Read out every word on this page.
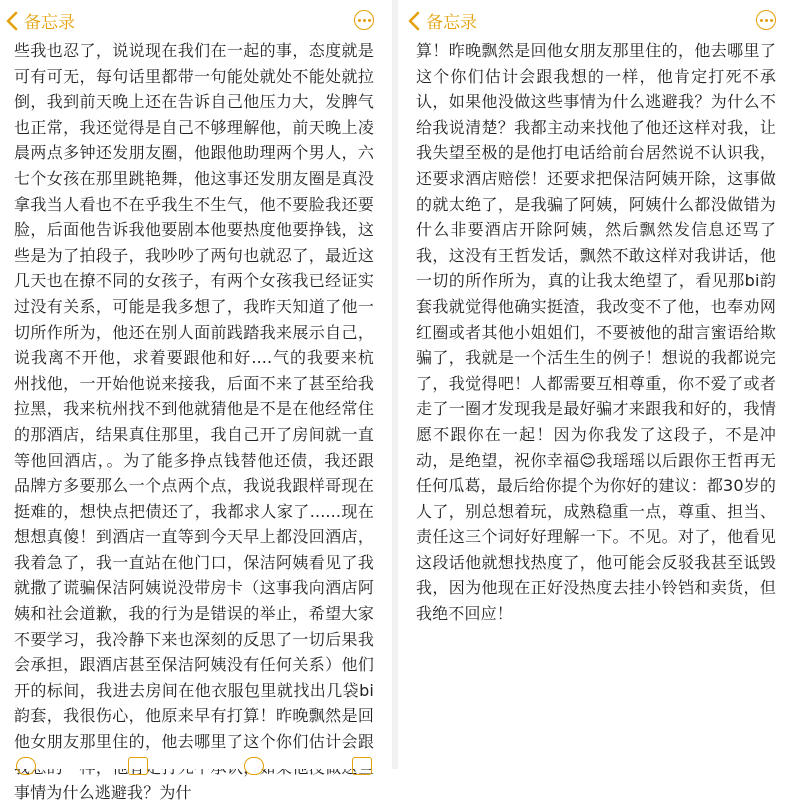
备忘录
些我也忍了，说说现在我们在一起的事，态度就是可有可无，每句话里都带一句能处就处不能处就拉倒，我到前天晚上还在告诉自己他压力大，发脾气也正常，我还觉得是自己不够理解他，前天晚上凌晨两点多钟还发朋友圈，他跟他助理两个男人，六七个女孩在那里跳艳舞，他这事还发朋友圈是真没拿我当人看也不在乎我生不生气，他不要脸我还要脸，后面他告诉我他要剧本他要热度他要挣钱，这些是为了拍段子，我吵吵了两句也就忍了，最近这几天也在撩不同的女孩子，有两个女孩我已经证实过没有关系，可能是我多想了，我昨天知道了他一切所作所为，他还在别人面前践踏我来展示自己，说我离不开他，求着要跟他和好....气的我要来杭州找他，一开始他说来接我，后面不来了甚至给我拉黑，我来杭州找不到他就猜他是不是在他经常住的那酒店，结果真住那里，我自己开了房间就一直等他回酒店，。为了能多挣点钱替他还债，我还跟品牌方多要那么一个点两个点，我说我跟样哥现在挺难的，想快点把债还了，我都求人家了......现在想想真傻！到酒店一直等到今天早上都没回酒店，我着急了，我一直站在他门口，保洁阿姨看见了我就撒了谎骗保洁阿姨说没带房卡（这事我向酒店阿姨和社会道歉，我的行为是错误的举止，希望大家不要学习，我冷静下来也深刻的反思了一切后果我会承担，跟酒店甚至保洁阿姨没有任何关系）他们开的标间，我进去房间在他衣服包里就找出几袋bi韵套，我很伤心，他原来早有打算！昨晚飘然是回他女朋友那里住的，他去哪里了这个你们估计会跟 事情为什么逃避我？为什
备忘录
算！昨晚飘然是回他女朋友那里住的，他去哪里了这个你们估计会跟我想的一样，他肯定打死不承认，如果他没做这些事情为什么逃避我？为什么不给我说清楚？我都主动来找他了他还这样对我，让我失望至极的是他打电话给前台居然说不认识我，还要求酒店赔偿！还要求把保洁阿姨开除，这事做的就太绝了，是我骗了阿姨，阿姨什么都没做错为什么非要酒店开除阿姨，然后飘然发信息还骂了我，这没有王哲发话，飘然不敢这样对我讲话，他一切的所作所为，真的让我太绝望了，看见那bi韵套我就觉得他确实挺渣，我改变不了他，也奉劝网红圈或者其他小姐姐们，不要被他的甜言蜜语给欺骗了，我就是一个活生生的例子！想说的我都说完了，我觉得吧！人都需要互相尊重，你不爱了或者走了一圈才发现我是最好骗才来跟我和好的，我情愿不跟你在一起！因为你我发了这段子，不是冲动，是绝望，祝你幸福😊我瑶瑶以后跟你王哲再无任何瓜葛，最后给你提个为你好的建议：都30岁的人了，别总想着玩，成熟稳重一点，尊重、担当、责任这三个词好好理解一下。不见。对了，他看见这段话他就想找热度了，他可能会反驳我甚至诋毁我，因为他现在正好没热度去挂小铃铛和卖货，但我绝不回应！
